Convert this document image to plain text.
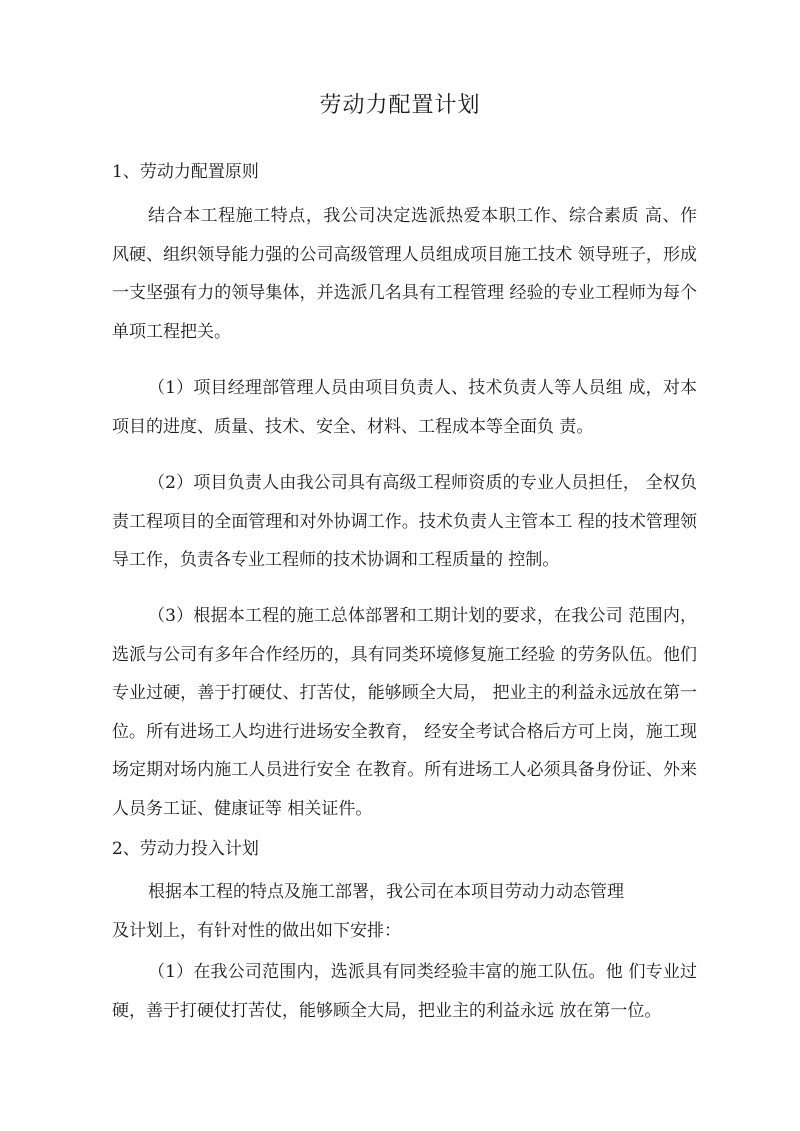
劳动力配置计划
1、劳动力配置原则

结合本工程施工特点，我公司决定选派热爱本职工作、综合素质 高、作风硬、组织领导能力强的公司高级管理人员组成项目施工技术 领导班子，形成一支坚强有力的领导集体，并选派几名具有工程管理 经验的专业工程师为每个单项工程把关。

（1）项目经理部管理人员由项目负责人、技术负责人等人员组 成，对本项目的进度、质量、技术、安全、材料、工程成本等全面负 责。

（2）项目负责人由我公司具有高级工程师资质的专业人员担任， 全权负责工程项目的全面管理和对外协调工作。技术负责人主管本工 程的技术管理领导工作，负责各专业工程师的技术协调和工程质量的 控制。

（3）根据本工程的施工总体部署和工期计划的要求，在我公司 范围内，选派与公司有多年合作经历的，具有同类环境修复施工经验 的劳务队伍。他们专业过硬，善于打硬仗、打苦仗，能够顾全大局， 把业主的利益永远放在第一位。所有进场工人均进行进场安全教育， 经安全考试合格后方可上岗，施工现场定期对场内施工人员进行安全 在教育。所有进场工人必须具备身份证、外来人员务工证、健康证等 相关证件。

2、劳动力投入计划
根据本工程的特点及施工部署，我公司在本项目劳动力动态管理
及计划上，有针对性的做出如下安排：

（1）在我公司范围内，选派具有同类经验丰富的施工队伍。他 们专业过硬，善于打硬仗打苦仗，能够顾全大局，把业主的利益永远 放在第一位。
